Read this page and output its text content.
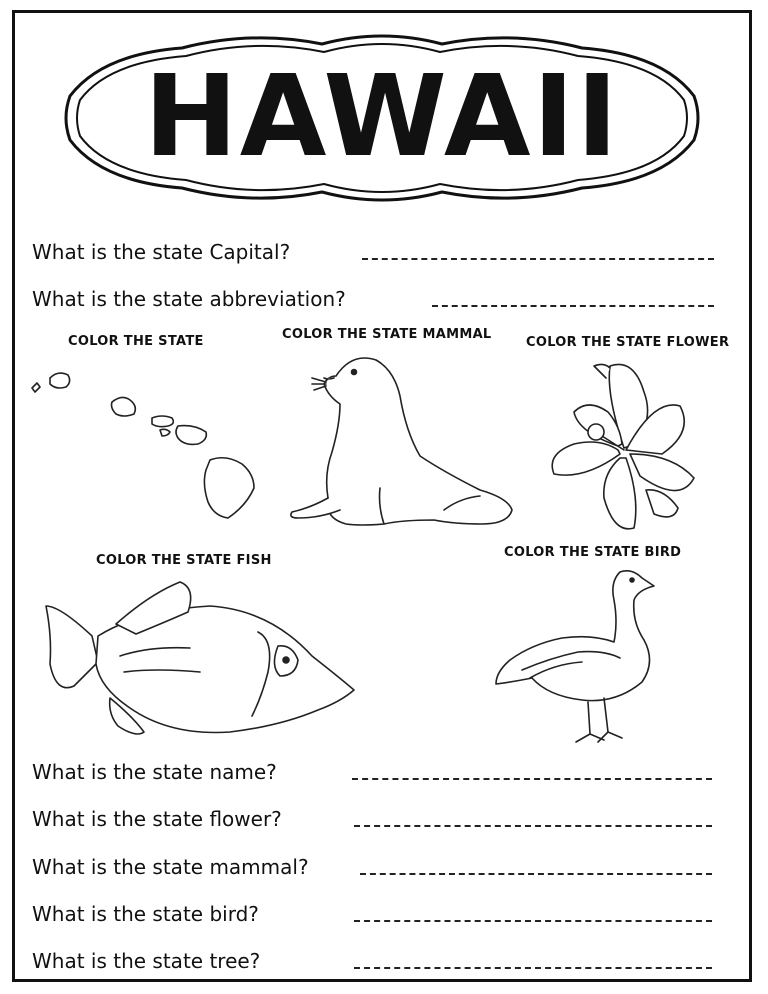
HAWAII
What is the state Capital?
What is the state abbreviation?
COLOR THE STATE	COLOR THE STATE MAMMAL
COLOR THE STATE FLOWER
COLOR THE STATE FISH
COLOR THE STATE BIRD
What is the state name?
What is the state flower?
What is the state mammal?
What is the state bird?
What is the state tree?
